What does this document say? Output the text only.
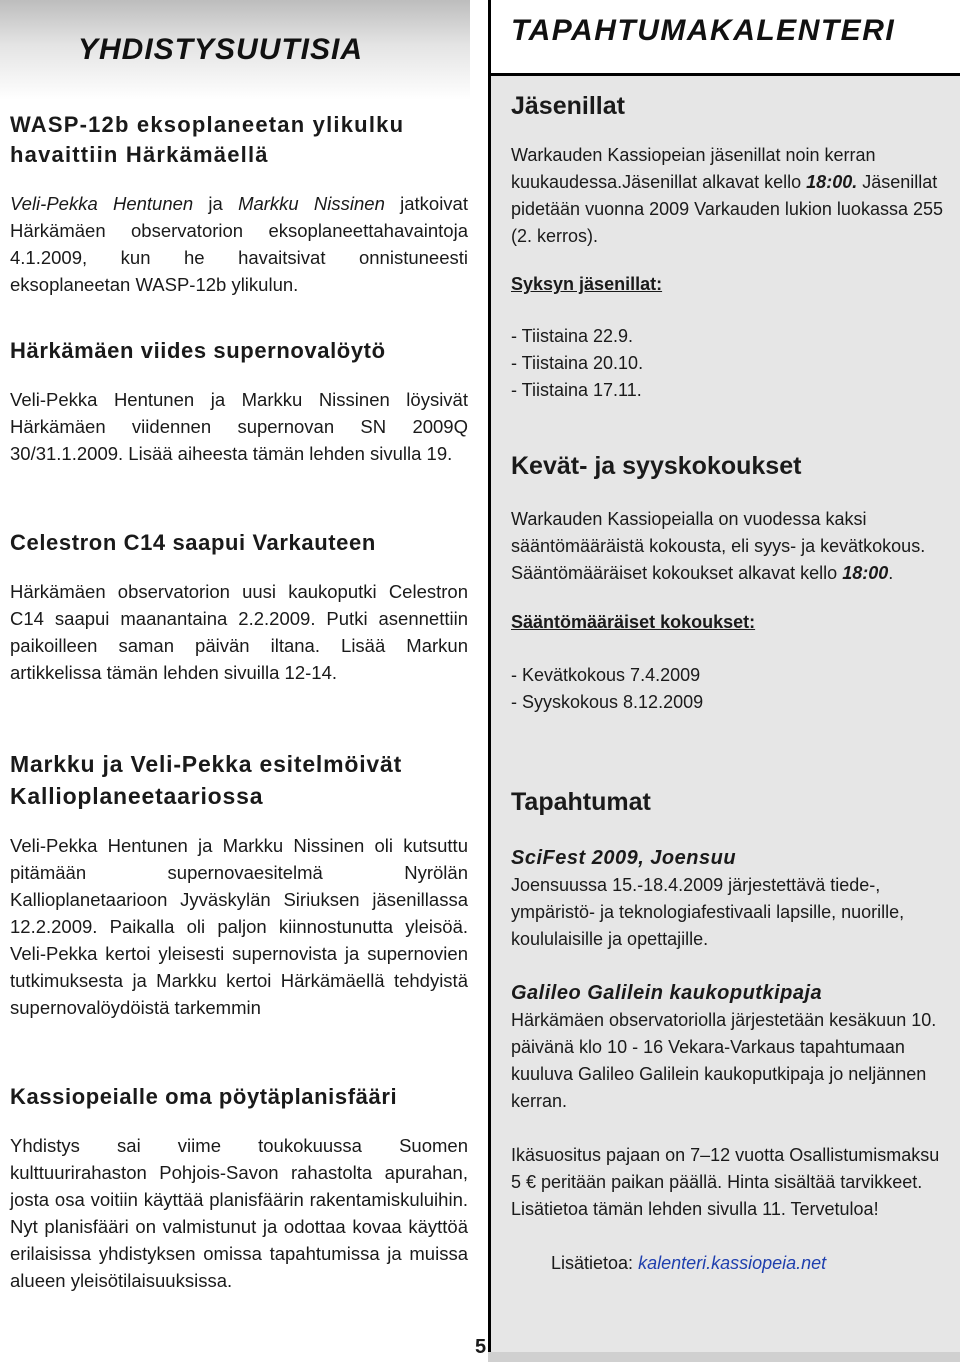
YHDISTYSUUTISIA

WASP-12b eksoplaneetan ylikulku
havaittiin Härkämäellä

Veli-Pekka Hentunen ja Markku Nissinen jatkoivat Härkämäen observatorion eksoplaneettahavaintoja 4.1.2009, kun he havaitsivat onnistuneesti eksoplaneetan WASP-12b ylikulun.

Härkämäen viides supernovalöytö

Veli-Pekka Hentunen ja Markku Nissinen löysivät Härkämäen viidennen supernovan SN 2009Q 30/31.1.2009. Lisää aiheesta tämän lehden sivulla 19.

Celestron C14 saapui Varkauteen

Härkämäen observatorion uusi kaukoputki Celestron C14 saapui maanantaina 2.2.2009. Putki asennettiin paikoilleen saman päivän iltana. Lisää Markun artikkelissa tämän lehden sivuilla 12-14.

Markku ja Veli-Pekka esitelmöivät
Kallioplaneetaariossa

Veli-Pekka Hentunen ja Markku Nissinen oli kutsuttu pitämään supernovaesitelmä Nyrölän Kallioplanetaarioon Jyväskylän Siriuksen jäsenillassa 12.2.2009. Paikalla oli paljon kiinnostunutta yleisöä. Veli-Pekka kertoi yleisesti supernovista ja supernovien tutkimuksesta ja Markku kertoi Härkämäellä tehdyistä supernovalöydöistä tarkemmin

Kassiopeialle oma pöytäplanisfääri

Yhdistys sai viime toukokuussa Suomen kulttuurirahaston Pohjois-Savon rahastolta apurahan, josta osa voitiin käyttää planisfäärin rakentamiskuluihin. Nyt planisfääri on valmistunut ja odottaa kovaa käyttöä erilaisissa yhdistyksen omissa tapahtumissa ja muissa alueen yleisötilaisuuksissa.

5
TAPAHTUMAKALENTERI

Jäsenillat

Warkauden Kassiopeian jäsenillat noin kerran kuukaudessa.Jäsenillat alkavat kello 18:00. Jäsenillat pidetään vuonna 2009 Varkauden lukion luokassa 255 (2. kerros).

Syksyn jäsenillat:

- Tiistaina 22.9.

- Tiistaina 20.10.

- Tiistaina 17.11.

Kevät- ja syyskokoukset

Warkauden Kassiopeialla on vuodessa kaksi sääntömääräistä kokousta, eli syys- ja kevätkokous. Sääntömääräiset kokoukset alkavat kello 18:00.

Sääntömääräiset kokoukset:

- Kevätkokous 7.4.2009

- Syyskokous 8.12.2009

Tapahtumat

SciFest 2009, Joensuu

Joensuussa 15.-18.4.2009 järjestettävä tiede-, ympäristö- ja teknologiafestivaali lapsille, nuorille, koululaisille ja opettajille.

Galileo Galilein kaukoputkipaja

Härkämäen observatoriolla järjestetään kesäkuun 10. päivänä klo 10 - 16 Vekara-Varkaus tapahtumaan kuuluva Galileo Galilein kaukoputkipaja jo neljännen kerran.

Ikäsuositus pajaan on 7–12 vuotta Osallistumismaksu 5 € peritään paikan päällä. Hinta sisältää tarvikkeet. Lisätietoa tämän lehden sivulla 11. Tervetuloa!

Lisätietoa: kalenteri.kassiopeia.net
